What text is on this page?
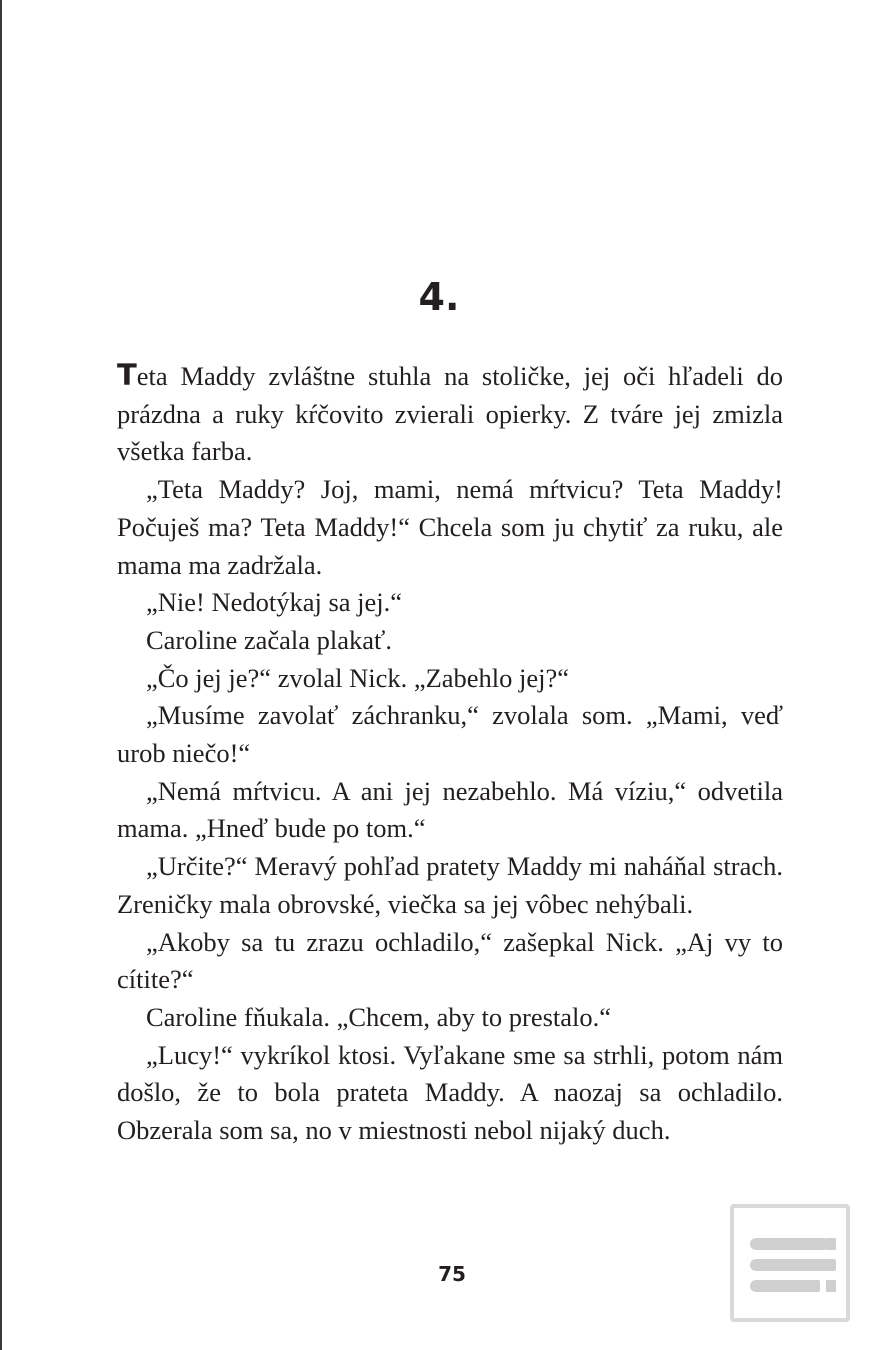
4.

Teta Maddy zvláštne stuhla na stoličke, jej oči hľadeli do prázdna a ruky kŕčovito zvierali opierky. Z tváre jej zmizla všetka farba.

„Teta Maddy? Joj, mami, nemá mŕtvicu? Teta Maddy! Počuješ ma? Teta Maddy!“ Chcela som ju chytiť za ruku, ale mama ma zadržala.

„Nie! Nedotýkaj sa jej.“

Caroline začala plakať.

„Čo jej je?“ zvolal Nick. „Zabehlo jej?“

„Musíme zavolať záchranku,“ zvolala som. „Mami, veď urob niečo!“

„Nemá mŕtvicu. A ani jej nezabehlo. Má víziu,“ odvetila mama. „Hneď bude po tom.“

„Určite?“ Meravý pohľad pratety Maddy mi naháňal strach. Zreničky mala obrovské, viečka sa jej vôbec nehýbali.

„Akoby sa tu zrazu ochladilo,“ zašepkal Nick. „Aj vy to cítite?“

Caroline fňukala. „Chcem, aby to prestalo.“

„Lucy!“ vykríkol ktosi. Vyľakane sme sa strhli, potom nám došlo, že to bola prateta Maddy. A naozaj sa ochladilo. Obzerala som sa, no v miestnosti nebol nijaký duch.

75
